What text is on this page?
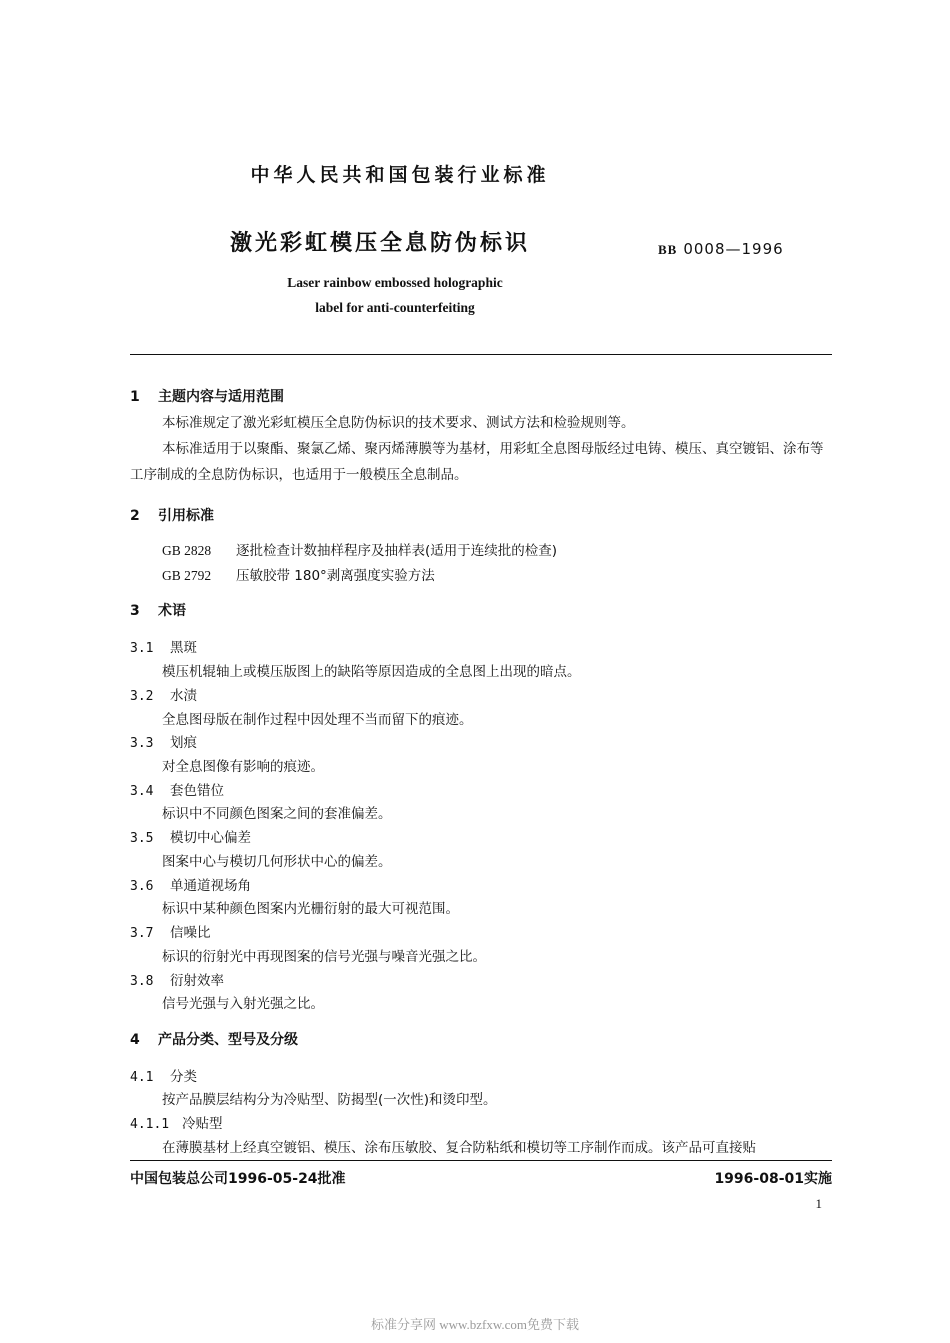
中华人民共和国包装行业标准
激光彩虹模压全息防伪标识	BB 0008—1996
Laser rainbow embossed holographic
label for anti-counterfeiting
1 主题内容与适用范围
本标准规定了激光彩虹模压全息防伪标识的技术要求、测试方法和检验规则等。
本标准适用于以聚酯、聚氯乙烯、聚丙烯薄膜等为基材，用彩虹全息图母版经过电铸、模压、真空镀铝、涂布等工序制成的全息防伪标识，也适用于一般模压全息制品。
2 引用标准
GB 2828 逐批检查计数抽样程序及抽样表(适用于连续批的检查)
GB 2792 压敏胶带 180°剥离强度实验方法
3 术语
3.1 黑斑
模压机辊轴上或模压版图上的缺陷等原因造成的全息图上出现的暗点。
3.2 水渍
全息图母版在制作过程中因处理不当而留下的痕迹。
3.3 划痕
对全息图像有影响的痕迹。
3.4 套色错位
标识中不同颜色图案之间的套准偏差。
3.5 模切中心偏差
图案中心与模切几何形状中心的偏差。
3.6 单通道视场角
标识中某种颜色图案内光栅衍射的最大可视范围。
3.7 信噪比
标识的衍射光中再现图案的信号光强与噪音光强之比。
3.8 衍射效率
信号光强与入射光强之比。
4 产品分类、型号及分级
4.1 分类
按产品膜层结构分为冷贴型、防揭型(一次性)和烫印型。
4.1.1 冷贴型
在薄膜基材上经真空镀铝、模压、涂布压敏胶、复合防粘纸和模切等工序制作而成。该产品可直接贴
中国包装总公司1996-05-24批准	1996-08-01实施
1
标准分享网 www.bzfxw.com免费下载
